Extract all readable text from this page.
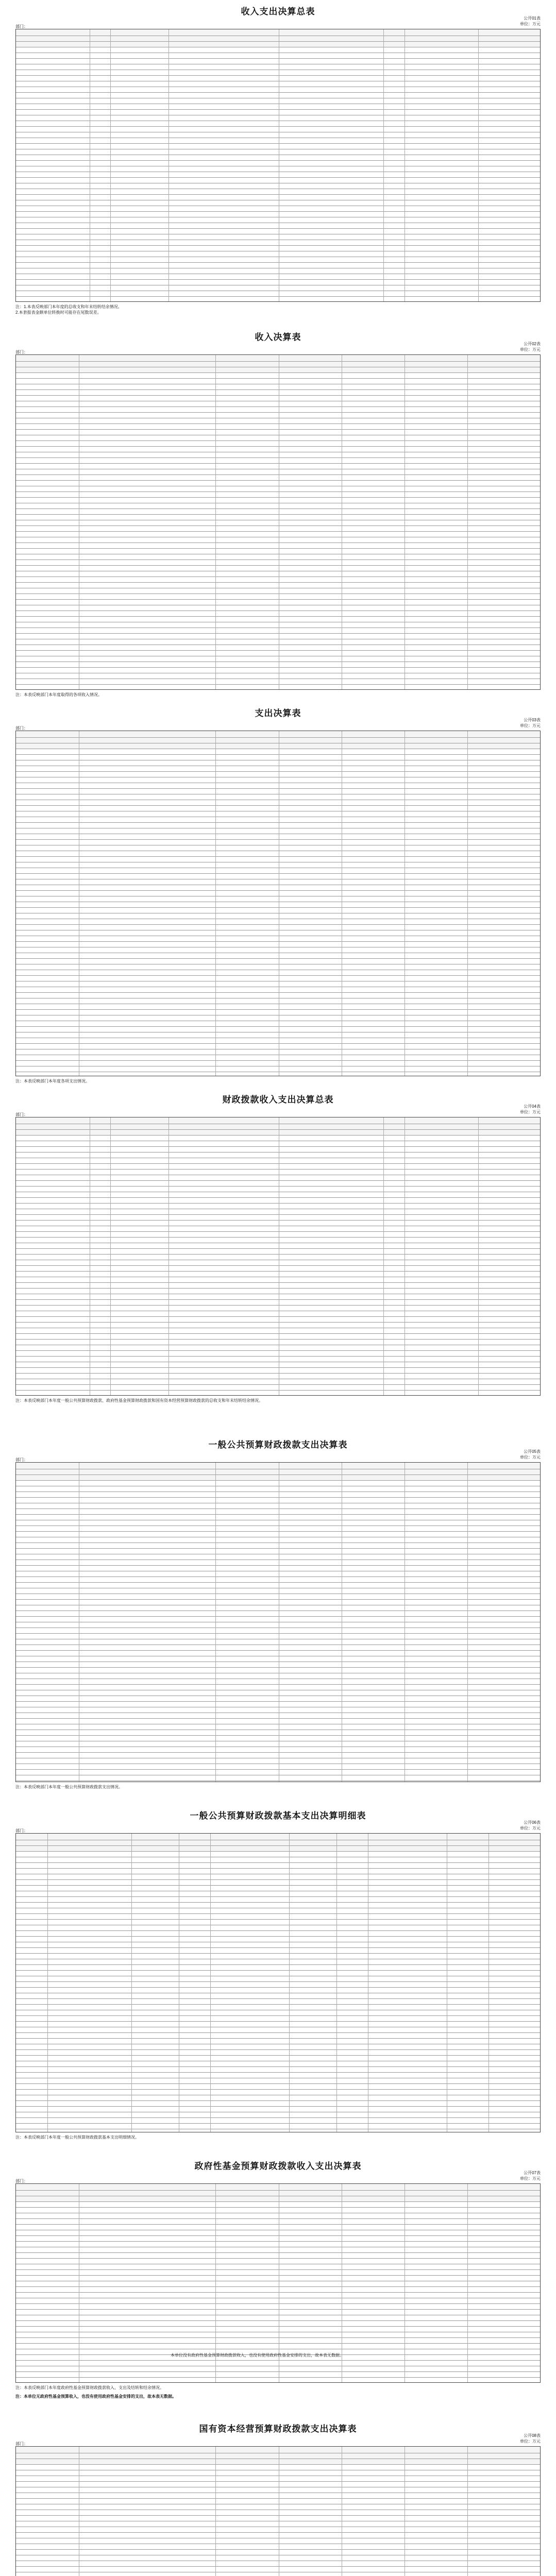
收入支出决算总表
公开01表
单位：万元
部门：
注：1.本表反映部门本年度的总收支和年末结转结余情况。
2.本套报表金额单位转换时可能存在尾数误差。
收入决算表
公开02表
单位：万元
部门：
注：本表反映部门本年度取得的各项收入情况。
支出决算表
公开03表
单位：万元
部门：
注：本表反映部门本年度各项支出情况。
财政拨款收入支出决算总表
公开04表
单位：万元
部门：
注：本表反映部门本年度一般公共预算财政拨款、政府性基金预算财政拨款和国有资本经营预算财政拨款的总收支和年末结转结余情况。
一般公共预算财政拨款支出决算表
公开05表
单位：万元
部门：
注：本表反映部门本年度一般公共预算财政拨款支出情况。
一般公共预算财政拨款基本支出决算明细表
公开06表
单位：万元
部门：
注：本表反映部门本年度一般公共预算财政拨款基本支出明细情况。
政府性基金预算财政拨款收入支出决算表
公开07表
单位：万元
部门：
本单位没有政府性基金预算财政拨款收入，也没有使用政府性基金安排的支出，故本表无数据。
注：本表反映部门本年度政府性基金预算财政拨款收入、支出及结转和结余情况。
注：本单位无政府性基金预算收入，也没有使用政府性基金安排的支出，故本表无数据。
国有资本经营预算财政拨款支出决算表
公开08表
单位：万元
部门：
